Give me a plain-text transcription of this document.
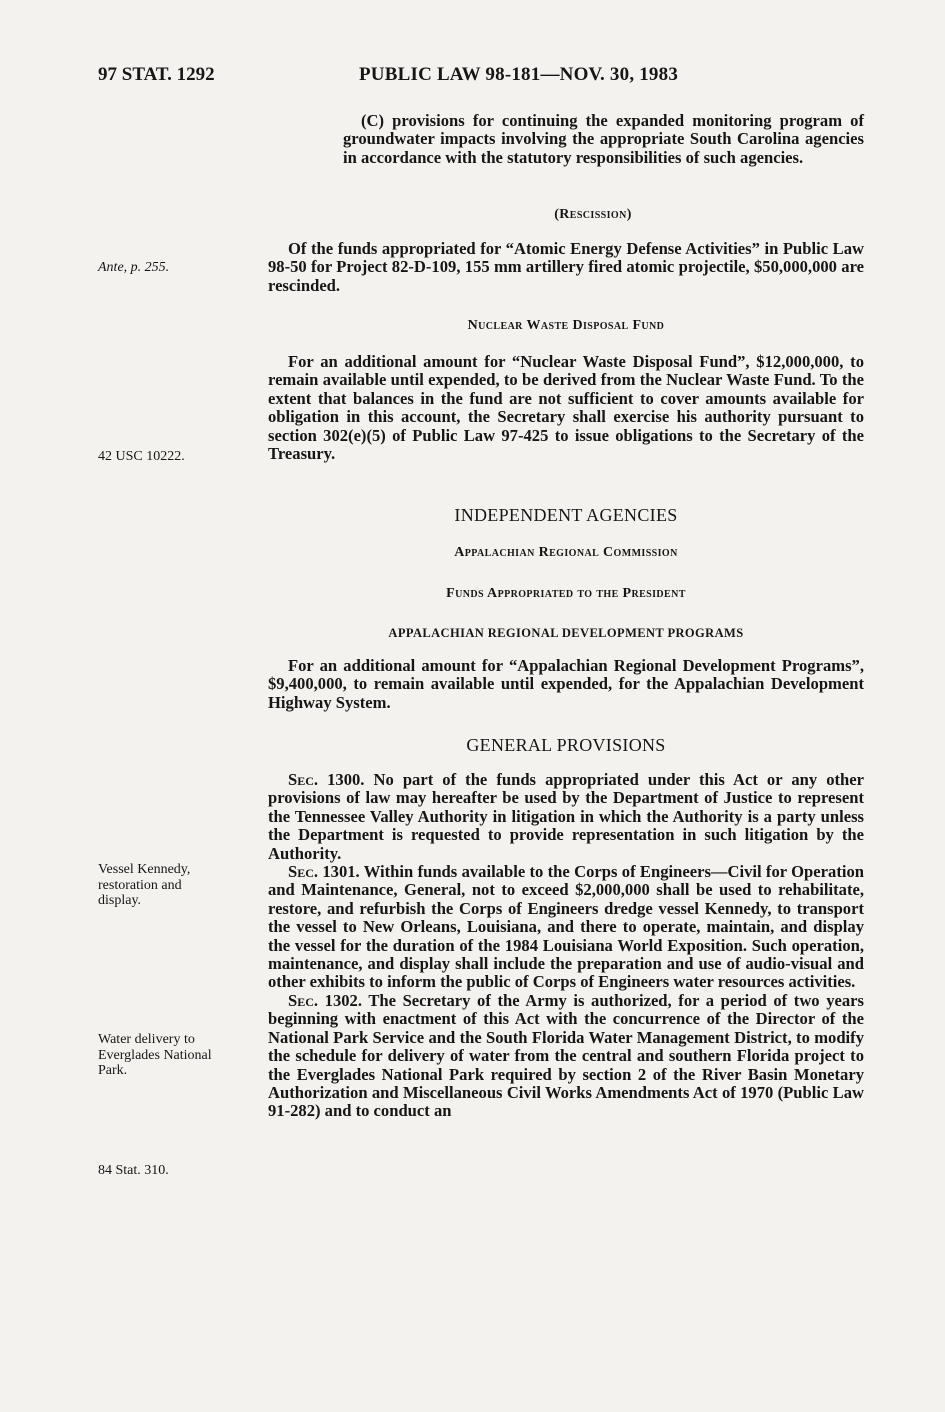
97 STAT. 1292	PUBLIC LAW 98-181—NOV. 30, 1983

(C) provisions for continuing the expanded monitoring program of groundwater impacts involving the appropriate South Carolina agencies in accordance with the statutory responsibilities of such agencies.

(Rescission)

Of the funds appropriated for “Atomic Energy Defense Activities” in Public Law 98-50 for Project 82-D-109, 155 mm artillery fired atomic projectile, $50,000,000 are rescinded.

Nuclear Waste Disposal Fund

For an additional amount for “Nuclear Waste Disposal Fund”, $12,000,000, to remain available until expended, to be derived from the Nuclear Waste Fund. To the extent that balances in the fund are not sufficient to cover amounts available for obligation in this account, the Secretary shall exercise his authority pursuant to section 302(e)(5) of Public Law 97-425 to issue obligations to the Secretary of the Treasury.

INDEPENDENT AGENCIES
Appalachian Regional Commission
Funds Appropriated to the President
APPALACHIAN REGIONAL DEVELOPMENT PROGRAMS

For an additional amount for “Appalachian Regional Development Programs”, $9,400,000, to remain available until expended, for the Appalachian Development Highway System.

GENERAL PROVISIONS

Sec. 1300. No part of the funds appropriated under this Act or any other provisions of law may hereafter be used by the Department of Justice to represent the Tennessee Valley Authority in litigation in which the Authority is a party unless the Department is requested to provide representation in such litigation by the Authority.

Sec. 1301. Within funds available to the Corps of Engineers—Civil for Operation and Maintenance, General, not to exceed $2,000,000 shall be used to rehabilitate, restore, and refurbish the Corps of Engineers dredge vessel Kennedy, to transport the vessel to New Orleans, Louisiana, and there to operate, maintain, and display the vessel for the duration of the 1984 Louisiana World Exposition. Such operation, maintenance, and display shall include the preparation and use of audio-visual and other exhibits to inform the public of Corps of Engineers water resources activities.

Sec. 1302. The Secretary of the Army is authorized, for a period of two years beginning with enactment of this Act with the concurrence of the Director of the National Park Service and the South Florida Water Management District, to modify the schedule for delivery of water from the central and southern Florida project to the Everglades National Park required by section 2 of the River Basin Monetary Authorization and Miscellaneous Civil Works Amendments Act of 1970 (Public Law 91-282) and to conduct an

Ante, p. 255.
42 USC 10222.
Vessel Kennedy, restoration and display.
Water delivery to Everglades National Park.
84 Stat. 310.
